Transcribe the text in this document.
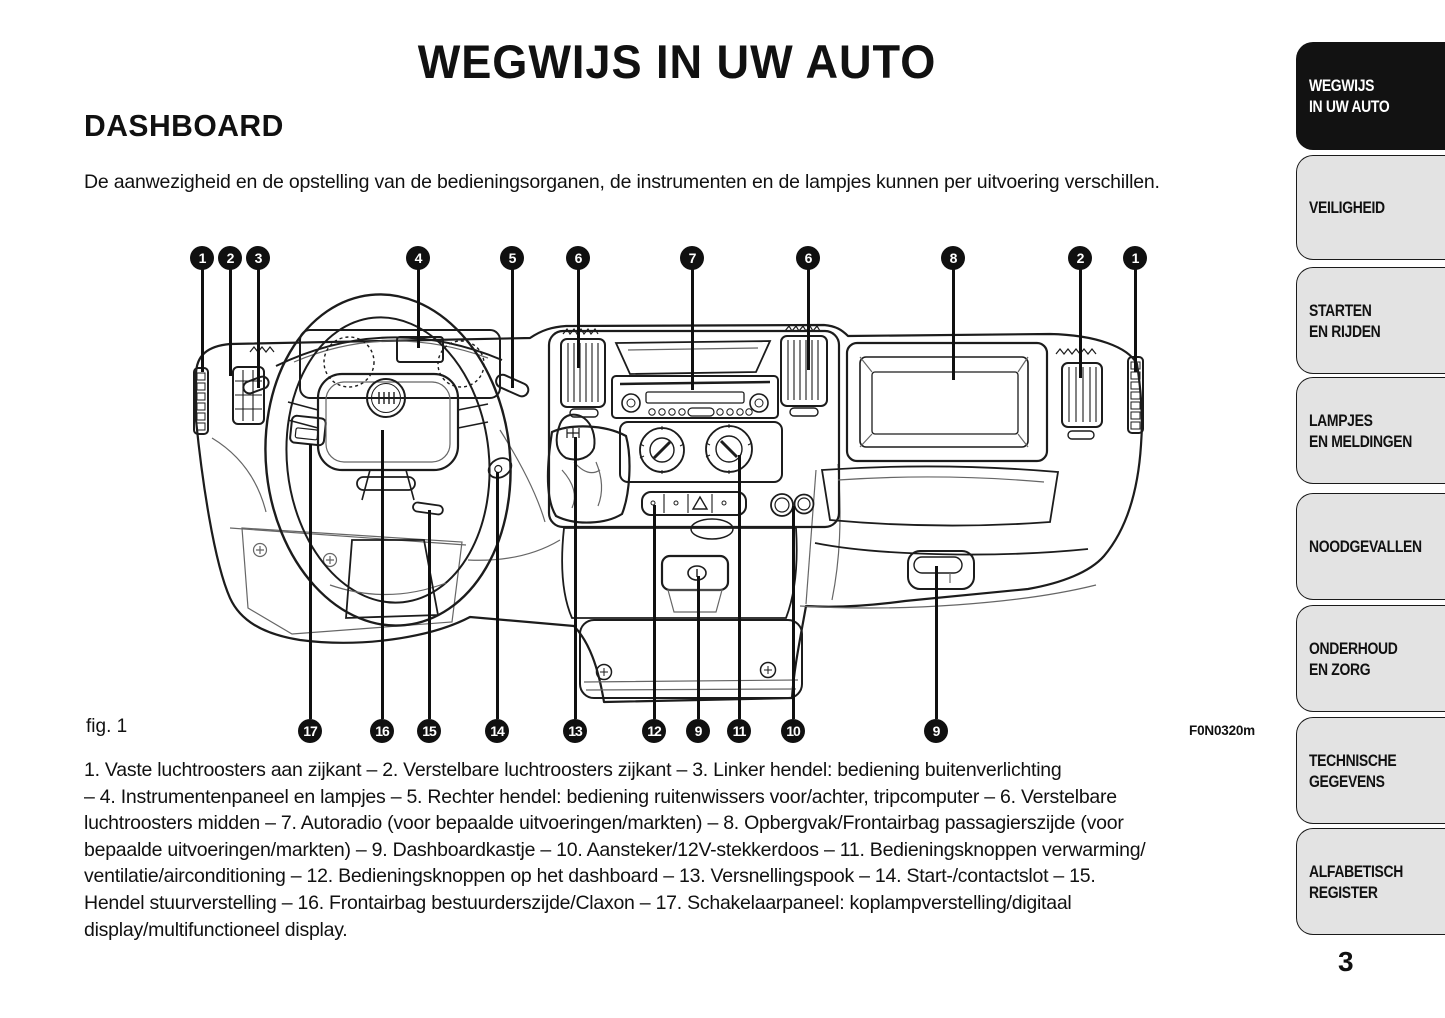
WEGWIJS IN UW AUTO
DASHBOARD
De aanwezigheid en de opstelling van de bedieningsorganen, de instrumenten en de lampjes kunnen per uitvoering verschillen.
1	2	3	4	5	6	7	6	8	2	1
17	16	15	14	13	12	9	11	10	9
fig. 1	F0N0320m
1. Vaste luchtroosters aan zijkant – 2. Verstelbare luchtroosters zijkant – 3. Linker hendel: bediening buitenverlichting
– 4. Instrumentenpaneel en lampjes – 5. Rechter hendel: bediening ruitenwissers voor/achter, tripcomputer – 6. Verstelbare
luchtroosters midden – 7. Autoradio (voor bepaalde uitvoeringen/markten) – 8. Opbergvak/Frontairbag passagierszijde (voor
bepaalde uitvoeringen/markten) – 9. Dashboardkastje – 10. Aansteker/12V-stekkerdoos – 11. Bedieningsknoppen verwarming/
ventilatie/airconditioning – 12. Bedieningsknoppen op het dashboard – 13. Versnellingspook – 14. Start-/contactslot – 15.
Hendel stuurverstelling – 16. Frontairbag bestuurderszijde/Claxon – 17. Schakelaarpaneel: koplampverstelling/digitaal
display/multifunctioneel display.
WEGWIJS
IN UW AUTO
VEILIGHEID
STARTEN
EN RIJDEN
LAMPJES
EN MELDINGEN
NOODGEVALLEN
ONDERHOUD
EN ZORG
TECHNISCHE
GEGEVENS
ALFABETISCH
REGISTER
3
